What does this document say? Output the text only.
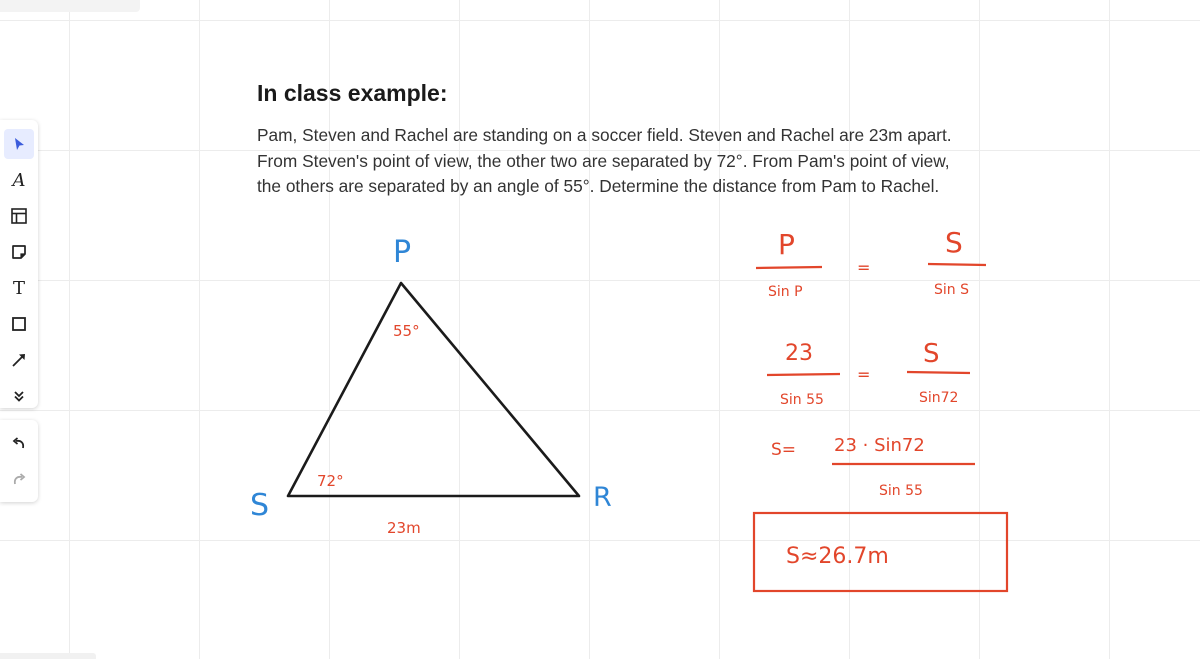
A
T
In class example:
Pam, Steven and Rachel are standing on a soccer field. Steven and Rachel are 23m apart.
From Steven's point of view, the other two are separated by 72°. From Pam's point of view,
the others are separated by an angle of 55°. Determine the distance from Pam to Rachel.
P
S	R
55°
72°
23m
P
Sin P
=
S
Sin S
23
Sin 55
=
S
Sin72
S= 23 · Sin72
Sin 55
S≈26.7m
